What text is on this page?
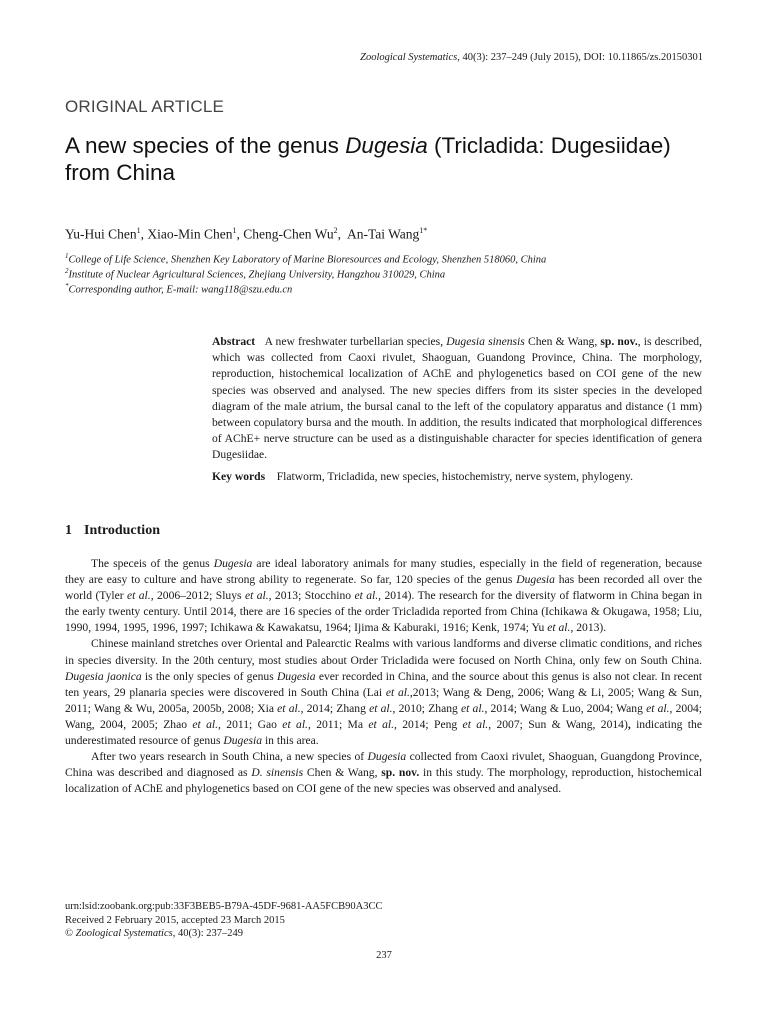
Zoological Systematics, 40(3): 237–249 (July 2015), DOI: 10.11865/zs.20150301
ORIGINAL ARTICLE
A new species of the genus Dugesia (Tricladida: Dugesiidae) from China
Yu-Hui Chen$^1$, Xiao-Min Chen$^1$, Cheng-Chen Wu$^2$,  An-Tai Wang$^{1*}$
$^1$College of Life Science, Shenzhen Key Laboratory of Marine Bioresources and Ecology, Shenzhen 518060, China
$^2$Institute of Nuclear Agricultural Sciences, Zhejiang University, Hangzhou 310029, China
*Corresponding author, E-mail: wang118@szu.edu.cn
Abstract A new freshwater turbellarian species, Dugesia sinensis Chen & Wang, sp. nov., is described, which was collected from Caoxi rivulet, Shaoguan, Guandong Province, China. The morphology, reproduction, histochemical localization of AChE and phylogenetics based on COI gene of the new species was observed and analysed. The new species differs from its sister species in the developed diagram of the male atrium, the bursal canal to the left of the copulatory apparatus and distance (1 mm) between copulatory bursa and the mouth. In addition, the results indicated that morphological differences of AChE+ nerve structure can be used as a distinguishable character for species identification of genera Dugesiidae.
Key words Flatworm, Tricladida, new species, histochemistry, nerve system, phylogeny.
1 Introduction

The speceis of the genus Dugesia are ideal laboratory animals for many studies, especially in the field of regeneration, because they are easy to culture and have strong ability to regenerate. So far, 120 species of the genus Dugesia has been recorded all over the world (Tyler et al., 2006–2012; Sluys et al., 2013; Stocchino et al., 2014). The research for the diversity of flatworm in China began in the early twenty century. Until 2014, there are 16 species of the order Tricladida reported from China (Ichikawa & Okugawa, 1958; Liu, 1990, 1994, 1995, 1996, 1997; Ichikawa & Kawakatsu, 1964; Ijima & Kaburaki, 1916; Kenk, 1974; Yu et al., 2013).

Chinese mainland stretches over Oriental and Palearctic Realms with various landforms and diverse climatic conditions, and riches in species diversity. In the 20th century, most studies about Order Tricladida were focused on North China, only few on South China. Dugesia jaonica is the only species of genus Dugesia ever recorded in China, and the source about this genus is also not clear. In recent ten years, 29 planaria species were discovered in South China (Lai et al.,2013; Wang & Deng, 2006; Wang & Li, 2005; Wang & Sun, 2011; Wang & Wu, 2005a, 2005b, 2008; Xia et al., 2014; Zhang et al., 2010; Zhang et al., 2014; Wang & Luo, 2004; Wang et al., 2004; Wang, 2004, 2005; Zhao et al., 2011; Gao et al., 2011; Ma et al., 2014; Peng et al., 2007; Sun & Wang, 2014), indicating the underestimated resource of genus Dugesia in this area.

After two years research in South China, a new species of Dugesia collected from Caoxi rivulet, Shaoguan, Guangdong Province, China was described and diagnosed as D. sinensis Chen & Wang, sp. nov. in this study. The morphology, reproduction, histochemical localization of AChE and phylogenetics based on COI gene of the new species was observed and analysed.

urn:lsid:zoobank.org:pub:33F3BEB5-B79A-45DF-9681-AA5FCB90A3CC
Received 2 February 2015, accepted 23 March 2015
© Zoological Systematics, 40(3): 237–249
237
